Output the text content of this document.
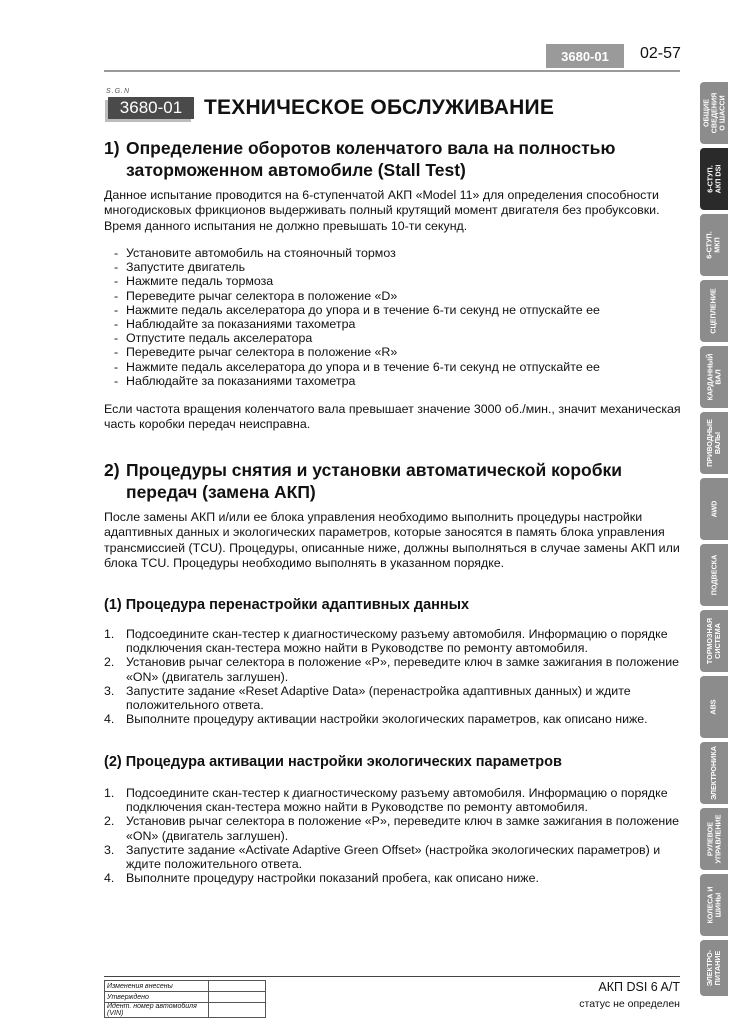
3680-01	02-57
S.G.N
3680-01	ТЕХНИЧЕСКОЕ ОБСЛУЖИВАНИЕ
1) Определение оборотов коленчатого вала на полностью заторможенном автомобиле (Stall Test)
Данное испытание проводится на 6-ступенчатой АКП «Model 11» для определения способности многодисковых фрикционов выдерживать полный крутящий момент двигателя без пробуксовки. Время данного испытания не должно превышать 10-ти секунд.
- Установите автомобиль на стояночный тормоз
- Запустите двигатель
- Нажмите педаль тормоза
- Переведите рычаг селектора в положение «D»
- Нажмите педаль акселератора до упора и в течение 6-ти секунд не отпускайте ее
- Наблюдайте за показаниями тахометра
- Отпустите педаль акселератора
- Переведите рычаг селектора в положение «R»
- Нажмите педаль акселератора до упора и в течение 6-ти секунд не отпускайте ее
- Наблюдайте за показаниями тахометра
Если частота вращения коленчатого вала превышает значение 3000 об./мин., значит механическая часть коробки передач неисправна.
2) Процедуры снятия и установки автоматической коробки передач (замена АКП)
После замены АКП и/или ее блока управления необходимо выполнить процедуры настройки адаптивных данных и экологических параметров, которые заносятся в память блока управления трансмиссией (TCU). Процедуры, описанные ниже, должны выполняться в случае замены АКП или блока TCU. Процедуры необходимо выполнять в указанном порядке.
(1) Процедура перенастройки адаптивных данных
1. Подсоедините скан-тестер к диагностическому разъему автомобиля. Информацию о порядке подключения скан-тестера можно найти в Руководстве по ремонту автомобиля.
2. Установив рычаг селектора в положение «P», переведите ключ в замке зажигания в положение «ON» (двигатель заглушен).
3. Запустите задание «Reset Adaptive Data» (перенастройка адаптивных данных) и ждите положительного ответа.
4. Выполните процедуру активации настройки экологических параметров, как описано ниже.
(2) Процедура активации настройки экологических параметров
1. Подсоедините скан-тестер к диагностическому разъему автомобиля. Информацию о порядке подключения скан-тестера можно найти в Руководстве по ремонту автомобиля.
2. Установив рычаг селектора в положение «P», переведите ключ в замке зажигания в положение «ON» (двигатель заглушен).
3. Запустите задание «Activate Adaptive Green Offset» (настройка экологических параметров) и ждите положительного ответа.
4. Выполните процедуру настройки показаний пробега, как описано ниже.
ОБЩИЕ
СВЕДЕНИЯ
О ШАССИ
6-СТУП.
АКП DSI
6-СТУП.
МКП
СЦЕПЛЕНИЕ
КАРДАННЫЙ
ВАЛ
ПРИВОДНЫЕ
ВАЛЫ
AWD
ПОДВЕСКА
ТОРМОЗНАЯ
СИСТЕМА
ABS
ЭЛЕКТРОНИКА
РУЛЕВОЕ
УПРАВЛЕНИЕ
КОЛЕСА И
ШИНЫ
ЭЛЕКТРО-
ПИТАНИЕ
Изменения внесены	
Утверждено	
Идент. номер автомобиля (VIN)	
АКП DSI 6 A/T
статус не определен
